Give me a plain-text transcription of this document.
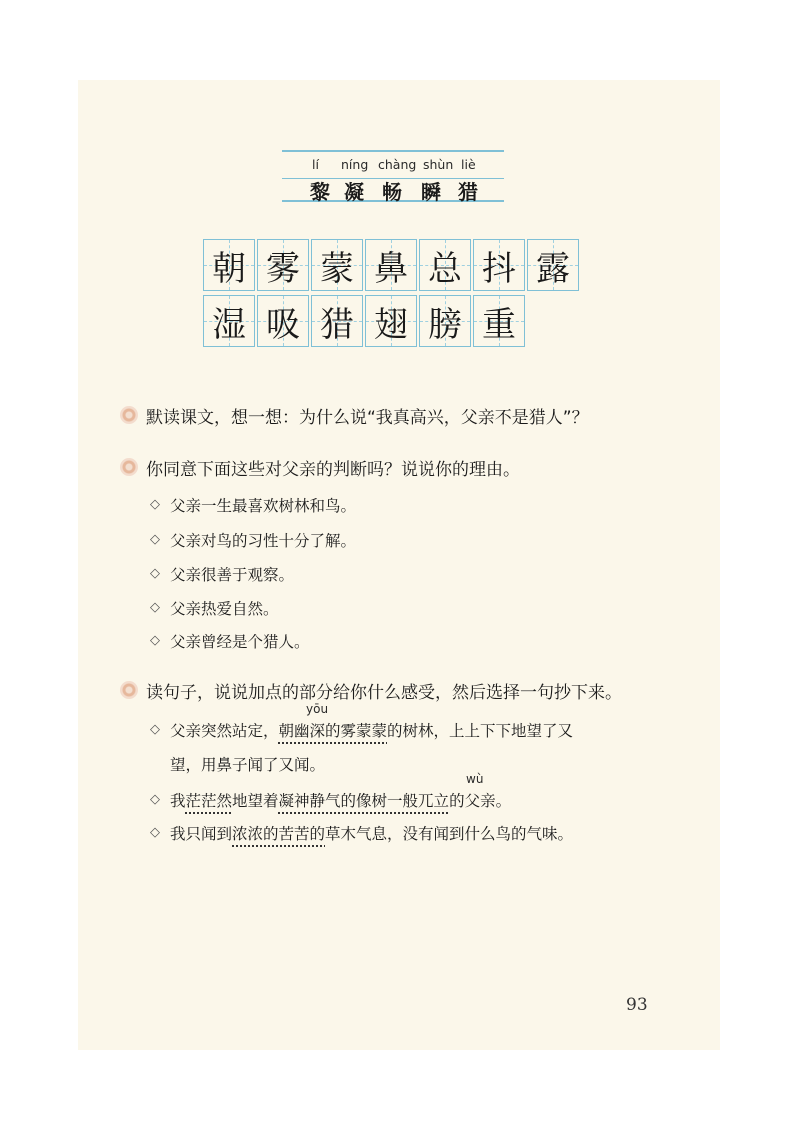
lí níng chàng shùn liè
黎 凝 畅 瞬 猎
朝 雾 蒙 鼻 总 抖 露
湿 吸 猎 翅 膀 重
默读课文，想一想：为什么说“我真高兴，父亲不是猎人”？
你同意下面这些对父亲的判断吗？说说你的理由。
◇ 父亲一生最喜欢树林和鸟。
◇ 父亲对鸟的习性十分了解。
◇ 父亲很善于观察。
◇ 父亲热爱自然。
◇ 父亲曾经是个猎人。
读句子，说说加点的部分给你什么感受，然后选择一句抄下来。
yōu
◇ 父亲突然站定，朝幽深的雾蒙蒙的树林，上上下下地望了又
望，用鼻子闻了又闻。
wù
◇ 我茫茫然地望着凝神静气的像树一般兀立的父亲。
◇ 我只闻到浓浓的苦苦的草木气息，没有闻到什么鸟的气味。
93
